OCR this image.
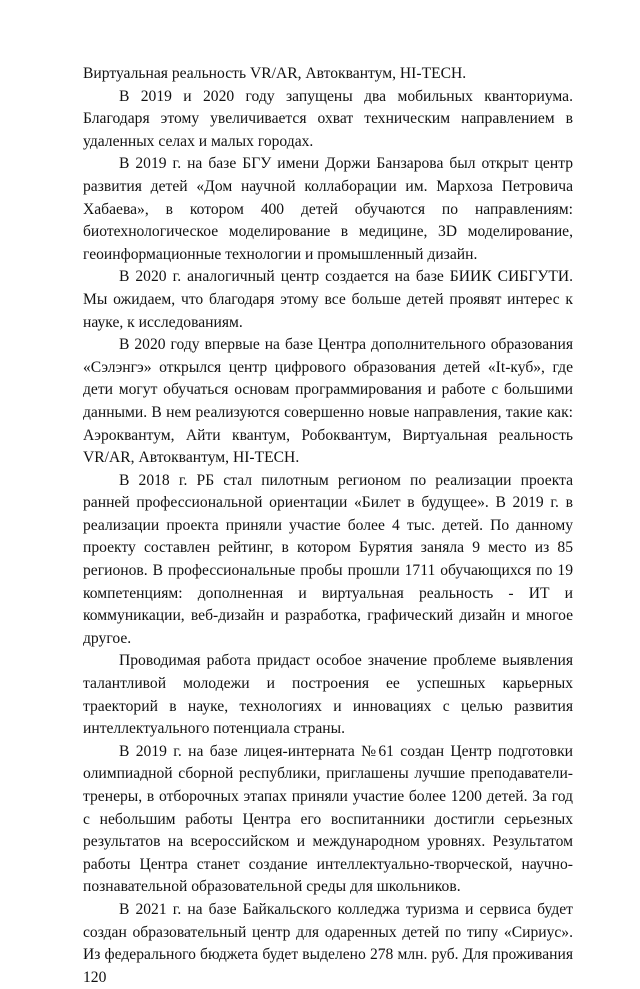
Виртуальная реальность VR/AR, Автоквантум, HI-TECH.

В 2019 и 2020 году запущены два мобильных кванториума. Благодаря этому увеличивается охват техническим направлением в удаленных селах и малых городах.

В 2019 г. на базе БГУ имени Доржи Банзарова был открыт центр развития детей «Дом научной коллаборации им. Мархоза Петровича Хабаева», в котором 400 детей обучаются по направлениям: биотехнологическое моделирование в медицине, 3D моделирование, геоинформационные технологии и промышленный дизайн.

В 2020 г. аналогичный центр создается на базе БИИК СИБГУТИ. Мы ожидаем, что благодаря этому все больше детей проявят интерес к науке, к исследованиям.

В 2020 году впервые на базе Центра дополнительного образования «Сэлэнгэ» открылся центр цифрового образования детей «It-куб», где дети могут обучаться основам программирования и работе с большими данными. В нем реализуются совершенно новые направления, такие как: Аэроквантум, Айти квантум, Робоквантум, Виртуальная реальность VR/AR, Автоквантум, HI-TECH.

В 2018 г. РБ стал пилотным регионом по реализации проекта ранней профессиональной ориентации «Билет в будущее». В 2019 г. в реализации проекта приняли участие более 4 тыс. детей. По данному проекту составлен рейтинг, в котором Бурятия заняла 9 место из 85 регионов. В профессиональные пробы прошли 1711 обучающихся по 19 компетенциям: дополненная и виртуальная реальность - ИТ и коммуникации, веб-дизайн и разработка, графический дизайн и многое другое.

Проводимая работа придаст особое значение проблеме выявления талантливой молодежи и построения ее успешных карьерных траекторий в науке, технологиях и инновациях с целью развития интеллектуального потенциала страны.

В 2019 г. на базе лицея-интерната №61 создан Центр подготовки олимпиадной сборной республики, приглашены лучшие преподаватели-тренеры, в отборочных этапах приняли участие более 1200 детей. За год с небольшим работы Центра его воспитанники достигли серьезных результатов на всероссийском и международном уровнях. Результатом работы Центра станет создание интеллектуально-творческой, научно-познавательной образовательной среды для школьников.

В 2021 г. на базе Байкальского колледжа туризма и сервиса будет создан образовательный центр для одаренных детей по типу «Сириус». Из федерального бюджета будет выделено 278 млн. руб. Для проживания 120
